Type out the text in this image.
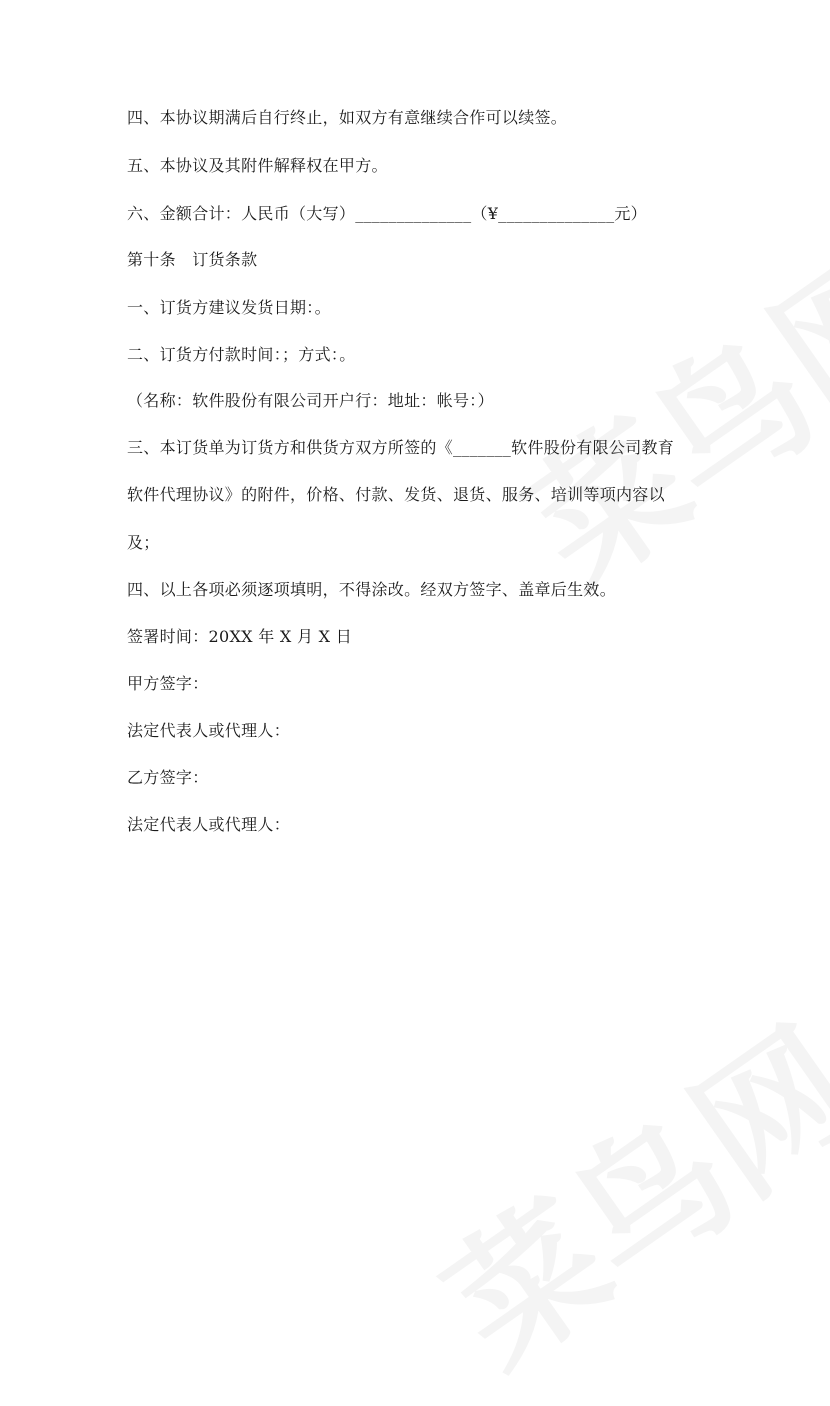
四、本协议期满后自行终止，如双方有意继续合作可以续签。
五、本协议及其附件解释权在甲方。
六、金额合计：人民币（大写）______________（¥______________元）
第十条　订货条款
一、订货方建议发货日期：。
二、订货方付款时间：；方式：。
（名称：软件股份有限公司开户行：地址：帐号：）
三、本订货单为订货方和供货方双方所签的《_______软件股份有限公司教育
软件代理协议》的附件，价格、付款、发货、退货、服务、培训等项内容以
及；
四、以上各项必须逐项填明，不得涂改。经双方签字、盖章后生效。
签署时间：20XX 年 X 月 X 日
甲方签字：
法定代表人或代理人：
乙方签字：
法定代表人或代理人：
